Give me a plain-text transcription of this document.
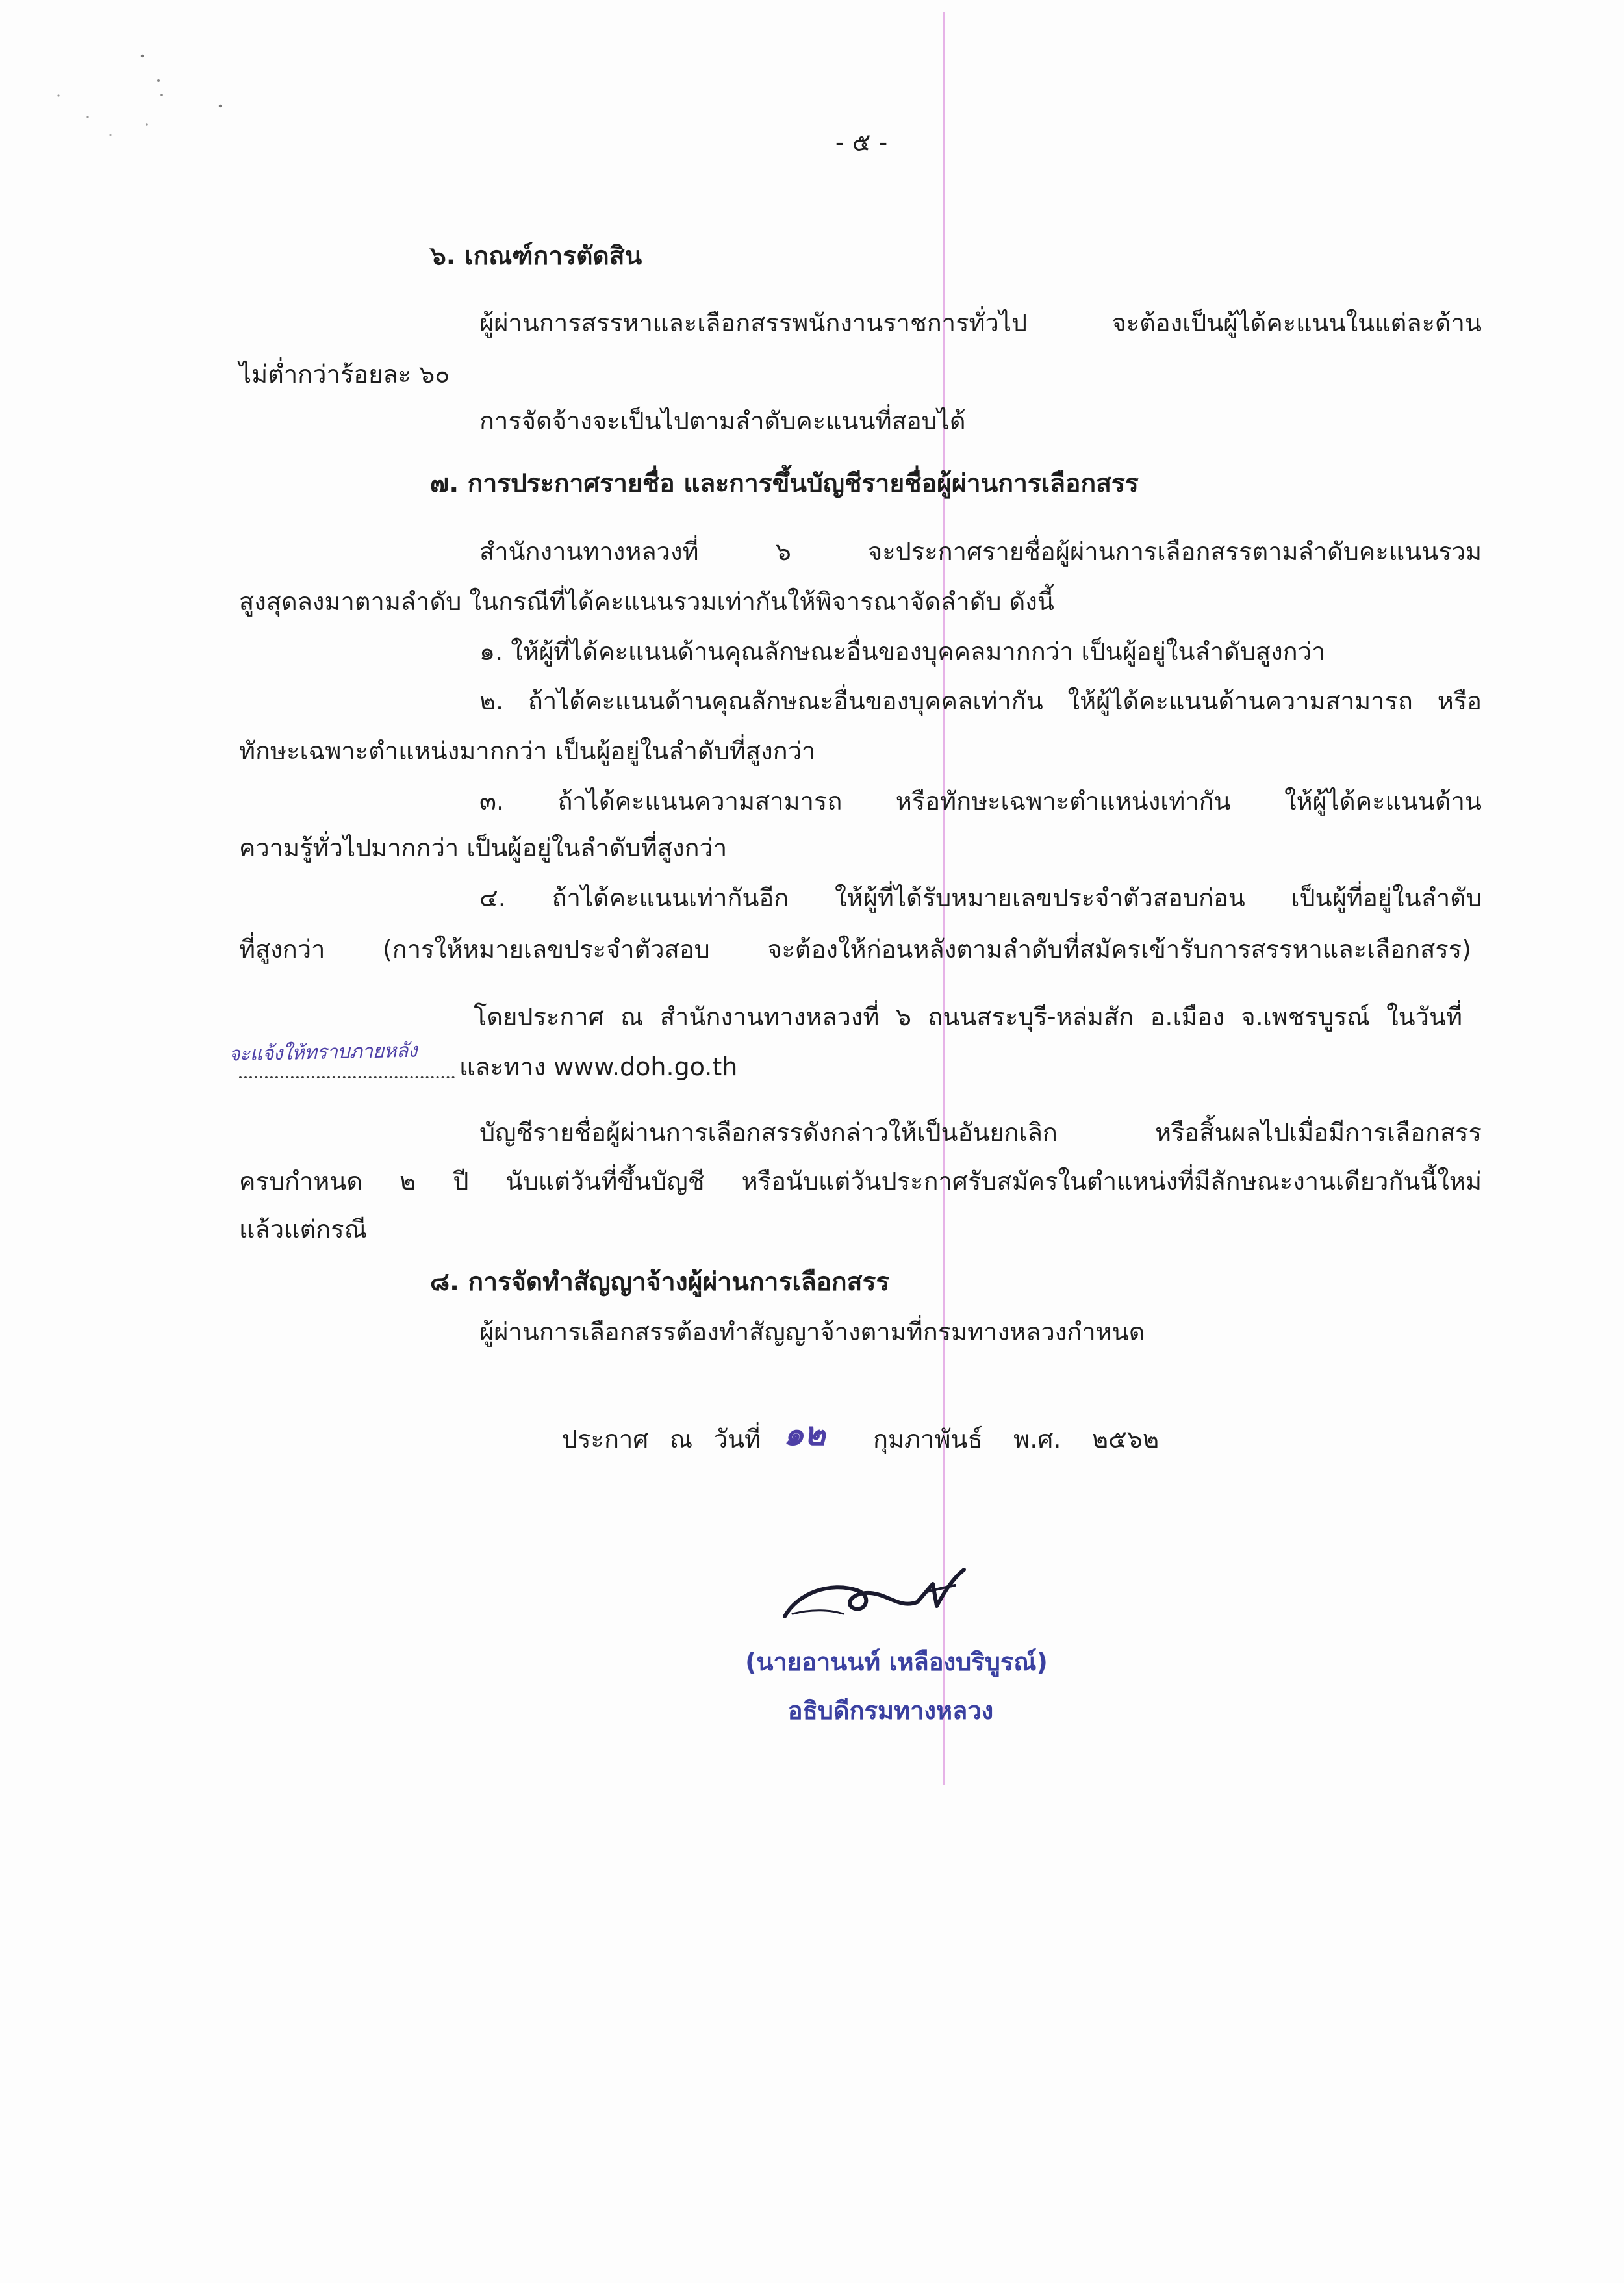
- ๕ -
๖. เกณฑ์การตัดสิน
ผู้ผ่านการสรรหาและเลือกสรรพนักงานราชการทั่วไป จะต้องเป็นผู้ได้คะแนนในแต่ละด้าน
ไม่ต่ำกว่าร้อยละ ๖๐
การจัดจ้างจะเป็นไปตามลำดับคะแนนที่สอบได้
๗. การประกาศรายชื่อ และการขึ้นบัญชีรายชื่อผู้ผ่านการเลือกสรร
สำนักงานทางหลวงที่ ๖ จะประกาศรายชื่อผู้ผ่านการเลือกสรรตามลำดับคะแนนรวม
สูงสุดลงมาตามลำดับ ในกรณีที่ได้คะแนนรวมเท่ากันให้พิจารณาจัดลำดับ ดังนี้
๑. ให้ผู้ที่ได้คะแนนด้านคุณลักษณะอื่นของบุคคลมากกว่า เป็นผู้อยู่ในลำดับสูงกว่า
๒. ถ้าได้คะแนนด้านคุณลักษณะอื่นของบุคคลเท่ากัน ให้ผู้ได้คะแนนด้านความสามารถ หรือ
ทักษะเฉพาะตำแหน่งมากกว่า เป็นผู้อยู่ในลำดับที่สูงกว่า
๓. ถ้าได้คะแนนความสามารถ หรือทักษะเฉพาะตำแหน่งเท่ากัน ให้ผู้ได้คะแนนด้าน
ความรู้ทั่วไปมากกว่า เป็นผู้อยู่ในลำดับที่สูงกว่า
๔. ถ้าได้คะแนนเท่ากันอีก ให้ผู้ที่ได้รับหมายเลขประจำตัวสอบก่อน เป็นผู้ที่อยู่ในลำดับ
ที่สูงกว่า (การให้หมายเลขประจำตัวสอบ จะต้องให้ก่อนหลังตามลำดับที่สมัครเข้ารับการสรรหาและเลือกสรร)
โดยประกาศ ณ สำนักงานทางหลวงที่ ๖ ถนนสระบุรี-หล่มสัก อ.เมือง จ.เพชรบูรณ์ ในวันที่
จะแจ้งให้ทราบภายหลัง	และทาง www.doh.go.th
บัญชีรายชื่อผู้ผ่านการเลือกสรรดังกล่าวให้เป็นอันยกเลิก หรือสิ้นผลไปเมื่อมีการเลือกสรร
ครบกำหนด ๒ ปี นับแต่วันที่ขึ้นบัญชี หรือนับแต่วันประกาศรับสมัครในตำแหน่งที่มีลักษณะงานเดียวกันนี้ใหม่
แล้วแต่กรณี
๘. การจัดทำสัญญาจ้างผู้ผ่านการเลือกสรร
ผู้ผ่านการเลือกสรรต้องทำสัญญาจ้างตามที่กรมทางหลวงกำหนด
ประกาศ ณ วันที่ ๑๒ กุมภาพันธ์ พ.ศ. ๒๕๖๒
(นายอานนท์ เหลืองบริบูรณ์)
อธิบดีกรมทางหลวง
